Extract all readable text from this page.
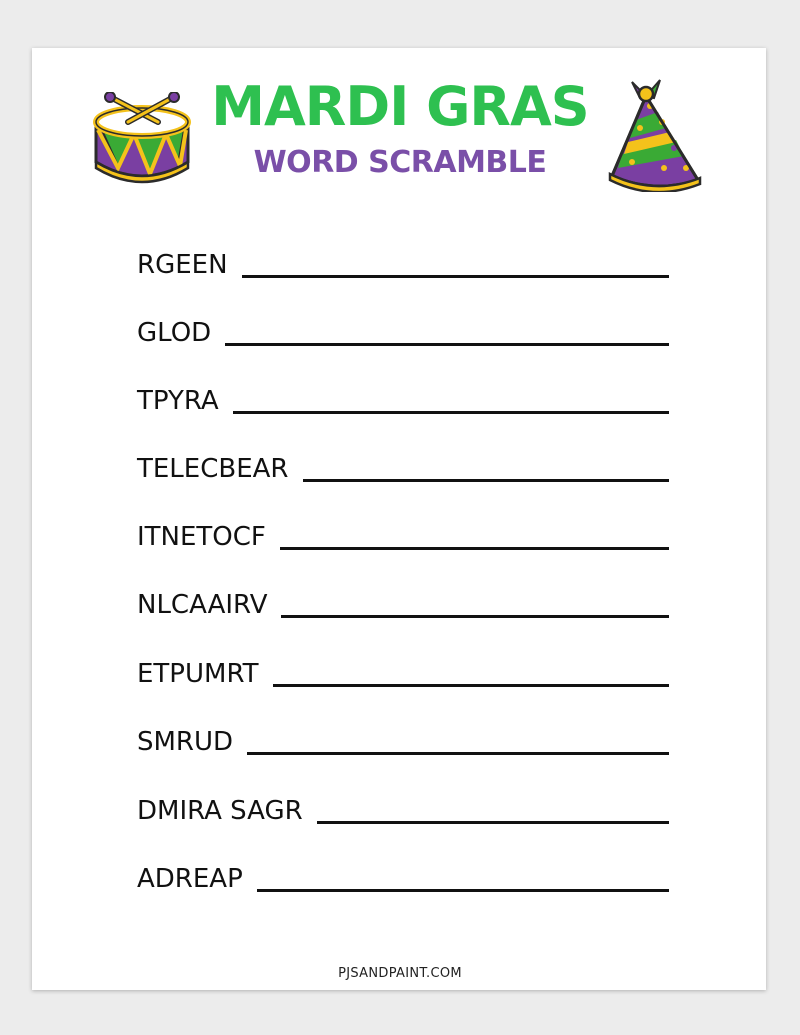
MARDI GRAS
WORD SCRAMBLE
RGEEN
GLOD
TPYRA
TELECBEAR
ITNETOCF
NLCAAIRV
ETPUMRT
SMRUD
DMIRA SAGR
ADREAP
PJSANDPAINT.COM
